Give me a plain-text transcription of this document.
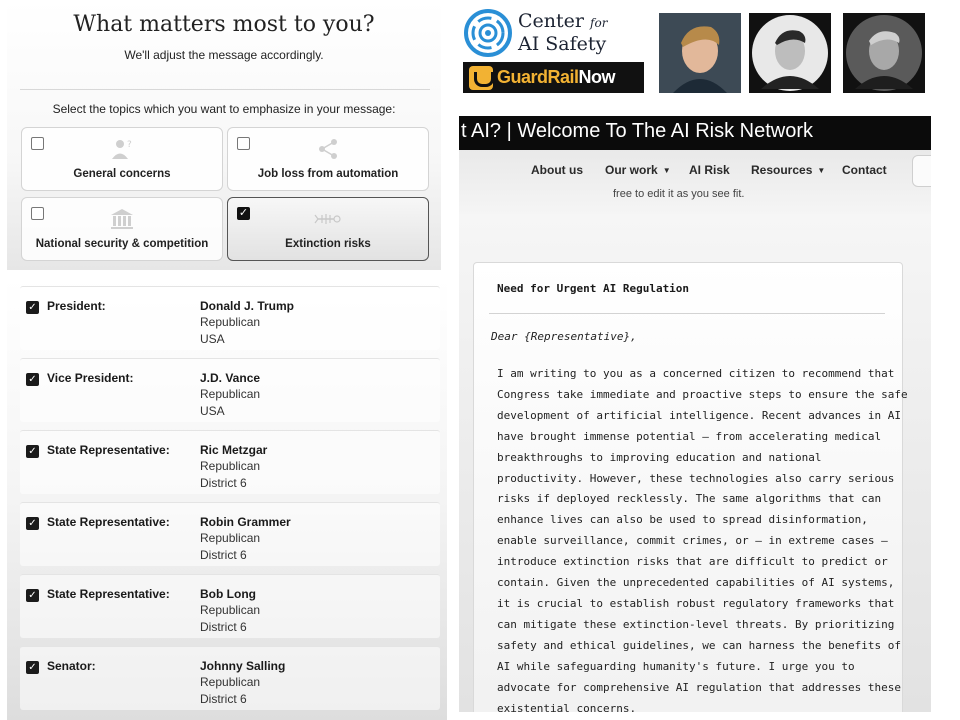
What matters most to you?
We'll adjust the message accordingly.
Select the topics which you want to emphasize in your message:
?
General concerns	Job loss from automation
National security & competition
✓
Extinction risks
✓ President:	Donald J. Trump
Republican
USA
✓ Vice President:	J.D. Vance
Republican
USA
✓ State Representative:	Ric Metzgar
Republican
District 6
✓ State Representative:	Robin Grammer
Republican
District 6
✓ State Representative:	Bob Long
Republican
District 6
✓ Senator:	Johnny Salling
Republican
District 6
Center for
AI Safety
GuardRailNow
t AI? | Welcome To The AI Risk Network
About us Our work ▼ AI Risk Resources ▼ Contact
free to edit it as you see fit.
Need for Urgent AI Regulation
Dear {Representative},
I am writing to you as a concerned citizen to recommend that
Congress take immediate and proactive steps to ensure the safe
development of artificial intelligence. Recent advances in AI
have brought immense potential — from accelerating medical
breakthroughs to improving education and national
productivity. However, these technologies also carry serious
risks if deployed recklessly. The same algorithms that can
enhance lives can also be used to spread disinformation,
enable surveillance, commit crimes, or — in extreme cases —
introduce extinction risks that are difficult to predict or
contain. Given the unprecedented capabilities of AI systems,
it is crucial to establish robust regulatory frameworks that
can mitigate these extinction-level threats. By prioritizing
safety and ethical guidelines, we can harness the benefits of
AI while safeguarding humanity's future. I urge you to
advocate for comprehensive AI regulation that addresses these
existential concerns.
